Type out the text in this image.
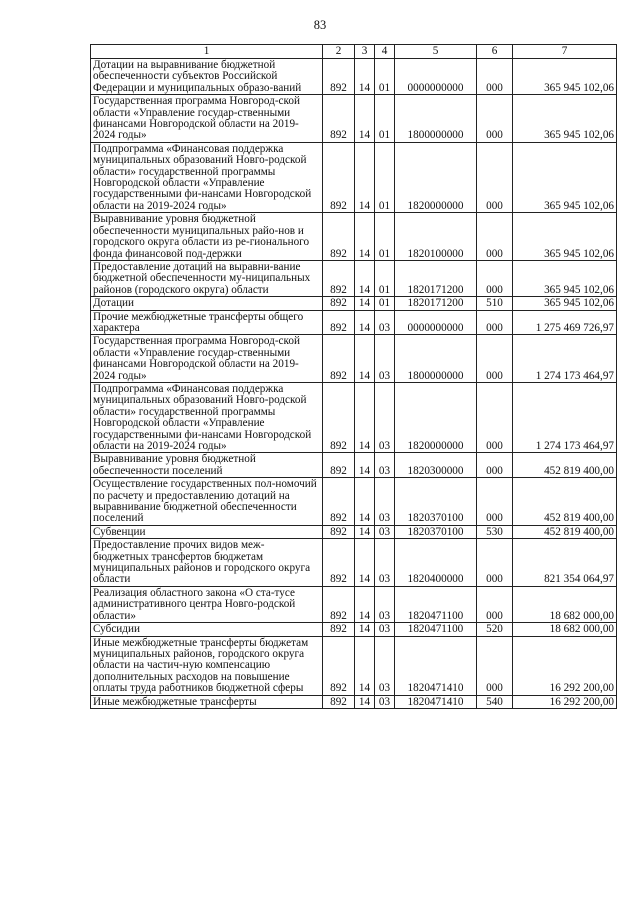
83
1	2	3	4	5	6	7
Дотации на выравнивание бюджетной обеспеченности субъектов Российской Федерации и муниципальных образо-ваний	892	14	01	0000000000	000	365 945 102,06
Государственная программа Новгород-ской области «Управление государ-ственными финансами Новгородской области на 2019-2024 годы»	892	14	01	1800000000	000	365 945 102,06
Подпрограмма «Финансовая поддержка муниципальных образований Новго-родской области» государственной программы Новгородской области «Управление государственными фи-нансами Новгородской области на 2019-2024 годы»	892	14	01	1820000000	000	365 945 102,06
Выравнивание уровня бюджетной обеспеченности муниципальных райо-нов и городского округа области из ре-гионального фонда финансовой под-держки	892	14	01	1820100000	000	365 945 102,06
Предоставление дотаций на выравни-вание бюджетной обеспеченности му-ниципальных районов (городского округа) области	892	14	01	1820171200	000	365 945 102,06
Дотации	892	14	01	1820171200	510	365 945 102,06
Прочие межбюджетные трансферты общего характера	892	14	03	0000000000	000	1 275 469 726,97
Государственная программа Новгород-ской области «Управление государ-ственными финансами Новгородской области на 2019-2024 годы»	892	14	03	1800000000	000	1 274 173 464,97
Подпрограмма «Финансовая поддержка муниципальных образований Новго-родской области» государственной программы Новгородской области «Управление государственными фи-нансами Новгородской области на 2019-2024 годы»	892	14	03	1820000000	000	1 274 173 464,97
Выравнивание уровня бюджетной обеспеченности поселений	892	14	03	1820300000	000	452 819 400,00
Осуществление государственных пол-номочий по расчету и предоставлению дотаций на выравнивание бюджетной обеспеченности поселений	892	14	03	1820370100	000	452 819 400,00
Субвенции	892	14	03	1820370100	530	452 819 400,00
Предоставление прочих видов меж-бюджетных трансфертов бюджетам муниципальных районов и городского округа области	892	14	03	1820400000	000	821 354 064,97
Реализация областного закона «О ста-тусе административного центра Новго-родской области»	892	14	03	1820471100	000	18 682 000,00
Субсидии	892	14	03	1820471100	520	18 682 000,00
Иные межбюджетные трансферты бюджетам муниципальных районов, городского округа области на частич-ную компенсацию дополнительных расходов на повышение оплаты труда работников бюджетной сферы	892	14	03	1820471410	000	16 292 200,00
Иные межбюджетные трансферты	892	14	03	1820471410	540	16 292 200,00
